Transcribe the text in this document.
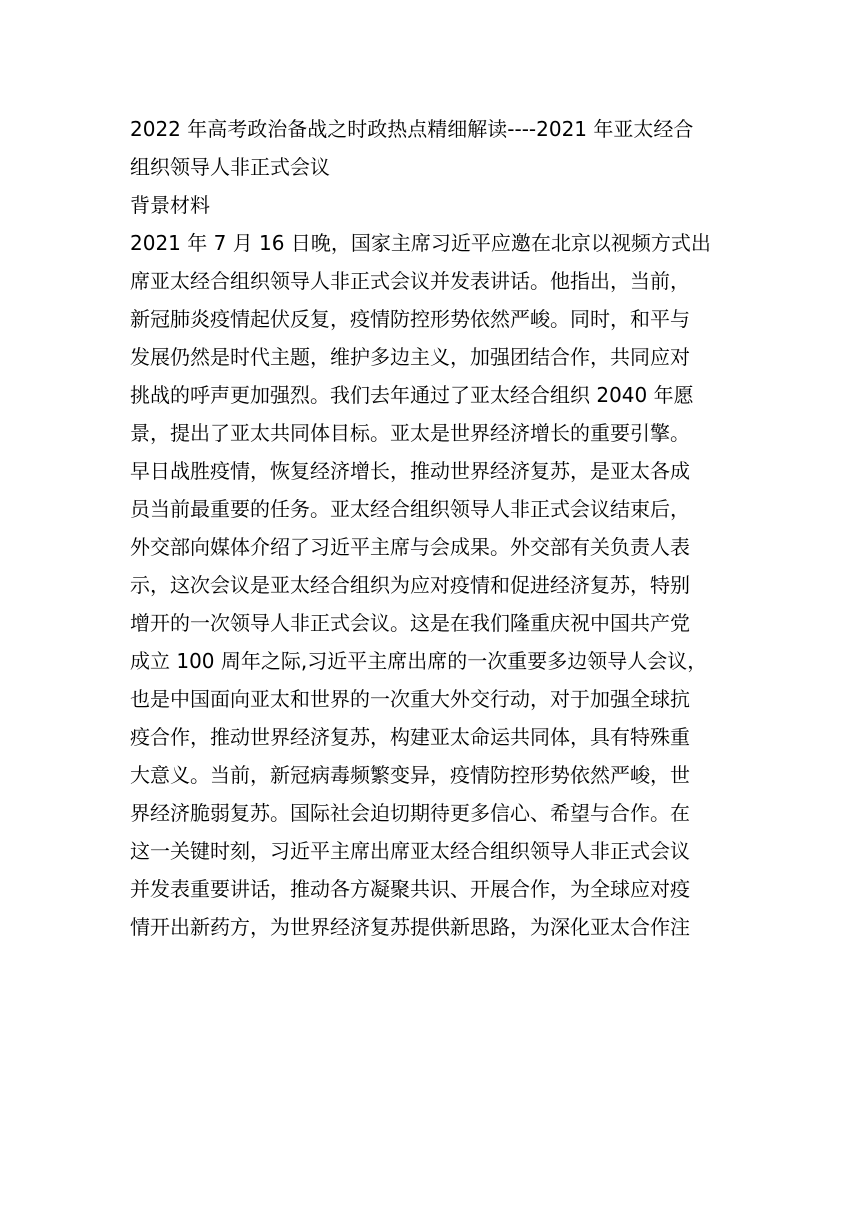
2022 年高考政治备战之时政热点精细解读----2021 年亚太经合
组织领导人非正式会议
背景材料
2021 年 7 月 16 日晚，国家主席习近平应邀在北京以视频方式出
席亚太经合组织领导人非正式会议并发表讲话。他指出，当前，
新冠肺炎疫情起伏反复，疫情防控形势依然严峻。同时，和平与
发展仍然是时代主题，维护多边主义，加强团结合作，共同应对
挑战的呼声更加强烈。我们去年通过了亚太经合组织 2040 年愿
景，提出了亚太共同体目标。亚太是世界经济增长的重要引擎。
早日战胜疫情，恢复经济增长，推动世界经济复苏，是亚太各成
员当前最重要的任务。亚太经合组织领导人非正式会议结束后，
外交部向媒体介绍了习近平主席与会成果。外交部有关负责人表
示，这次会议是亚太经合组织为应对疫情和促进经济复苏，特别
增开的一次领导人非正式会议。这是在我们隆重庆祝中国共产党
成立 100 周年之际,习近平主席出席的一次重要多边领导人会议，
也是中国面向亚太和世界的一次重大外交行动，对于加强全球抗
疫合作，推动世界经济复苏，构建亚太命运共同体，具有特殊重
大意义。当前，新冠病毒频繁变异，疫情防控形势依然严峻，世
界经济脆弱复苏。国际社会迫切期待更多信心、希望与合作。在
这一关键时刻，习近平主席出席亚太经合组织领导人非正式会议
并发表重要讲话，推动各方凝聚共识、开展合作，为全球应对疫
情开出新药方，为世界经济复苏提供新思路，为深化亚太合作注
